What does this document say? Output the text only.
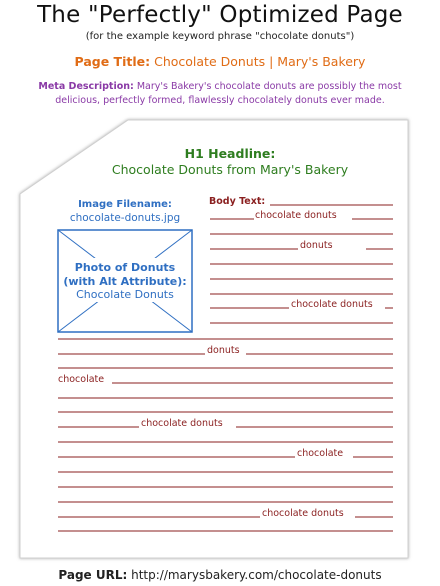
The "Perfectly" Optimized Page
(for the example keyword phrase "chocolate donuts")
Page Title: Chocolate Donuts | Mary's Bakery
Meta Description: Mary's Bakery's chocolate donuts are possibly the most
delicious, perfectly formed, flawlessly chocolately donuts ever made.
H1 Headline:
Chocolate Donuts from Mary's Bakery
Image Filename:
chocolate-donuts.jpg
Photo of Donuts
(with Alt Attribute):
Chocolate Donuts
Body Text:
chocolate donuts
donuts
chocolate donuts
donuts
chocolate
chocolate donuts
chocolate
chocolate donuts
Page URL: http://marysbakery.com/chocolate-donuts
